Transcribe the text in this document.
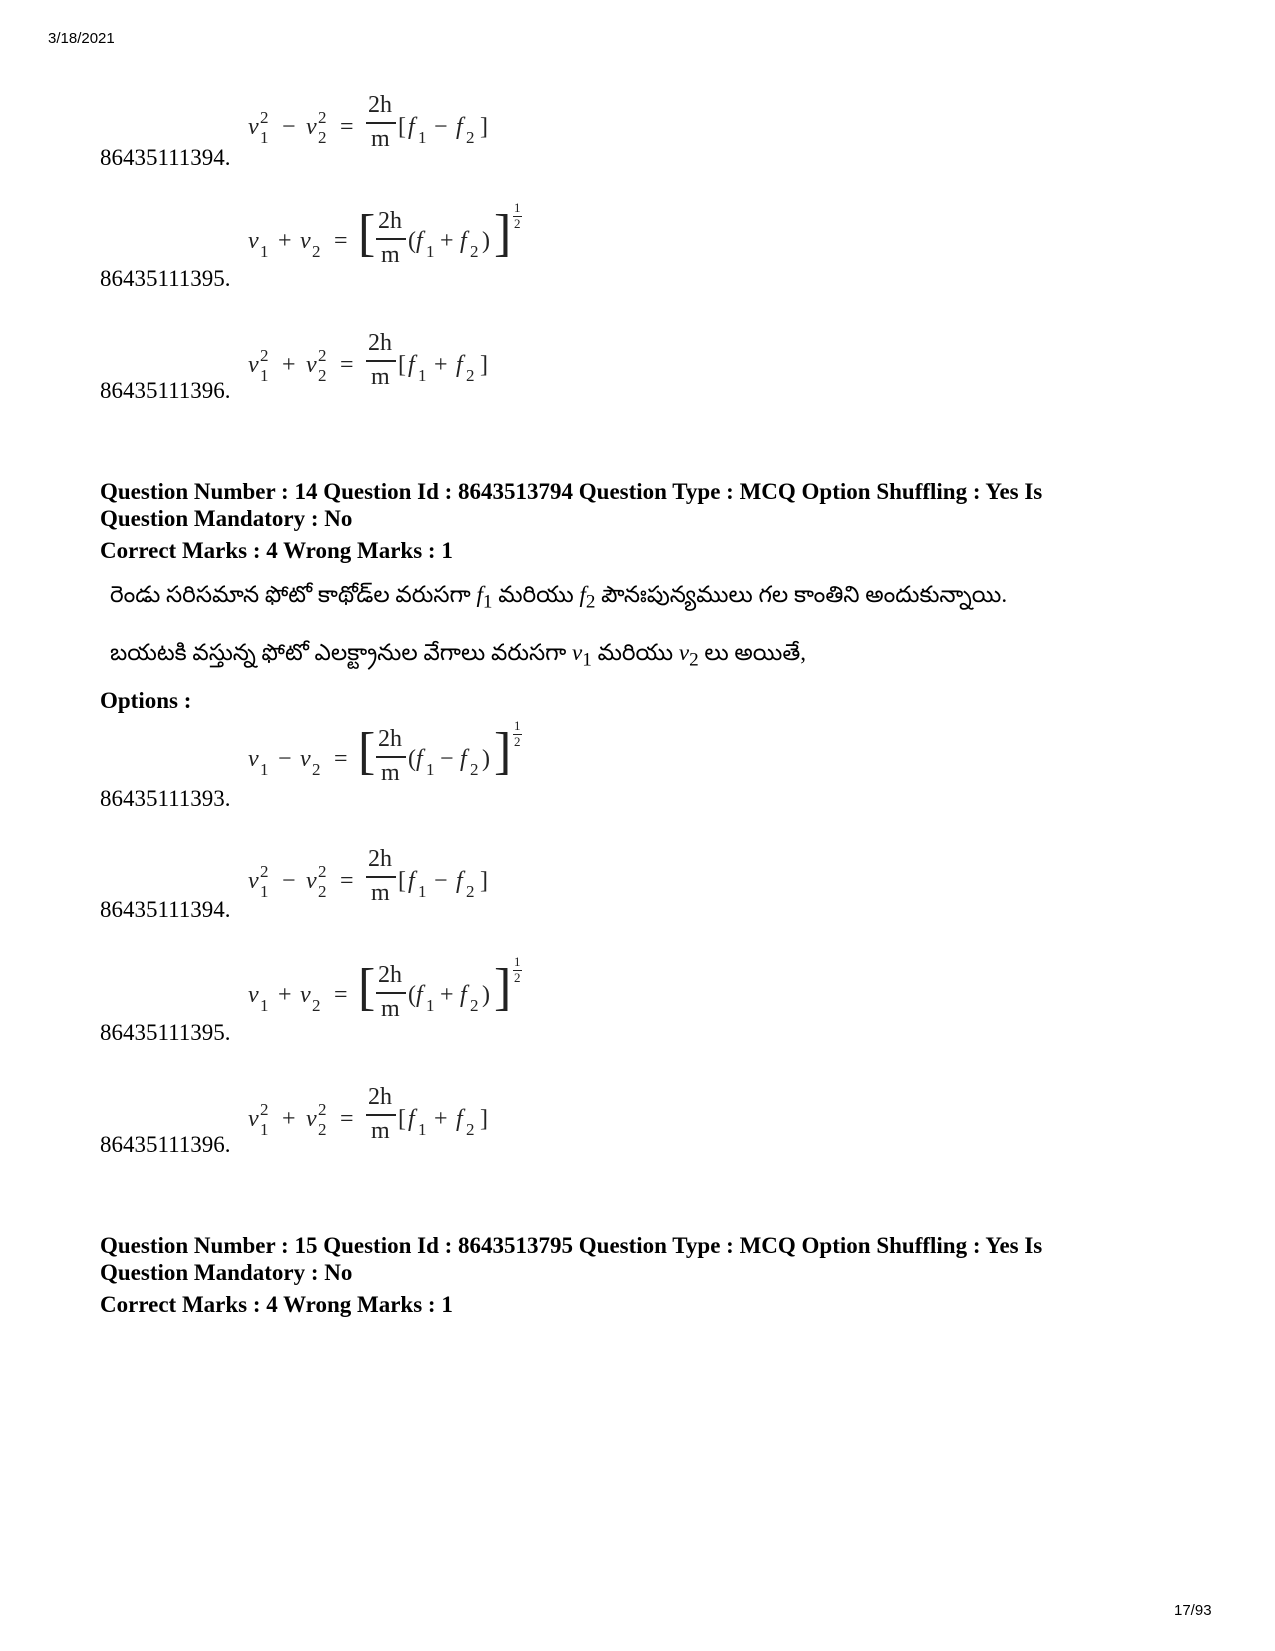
3/18/2021
v 2
1 − v 2
2 =
2h
m [ f 1 − f 2 ]
86435111394.
v 1 + v 2 = [ 2h
m
( f 1 + f 2 ) ] 1
2
86435111395.
v 2
1 + v 2
2 =
2h
m [ f 1 + f 2 ]
86435111396.
Question Number : 14 Question Id : 8643513794 Question Type : MCQ Option Shuffling : Yes Is
Question Mandatory : No
Correct Marks : 4 Wrong Marks : 1
రెండు సరిసమాన ఫోటో కాథోడ్‌ల వరుసగా $f_1$ మరియు $f_2$ పౌనఃపున్యములు గల కాంతిని అందుకున్నాయి.
బయటకి వస్తున్న ఫోటో ఎలక్ట్రానుల వేగాలు వరుసగా $v_1$ మరియు $v_2$ లు అయితే,
Options :
v 1 − v 2 = [ 2h
m
( f 1 − f 2 ) ] 1
2
86435111393.
v 2
1 − v 2
2 =
2h
m [ f 1 − f 2 ]
86435111394.
v 1 + v 2 = [ 2h
m
( f 1 + f 2 ) ] 1
2
86435111395.
v 2
1 + v 2
2 =
2h
m [ f 1 + f 2 ]
86435111396.
Question Number : 15 Question Id : 8643513795 Question Type : MCQ Option Shuffling : Yes Is
Question Mandatory : No
Correct Marks : 4 Wrong Marks : 1
17/93
